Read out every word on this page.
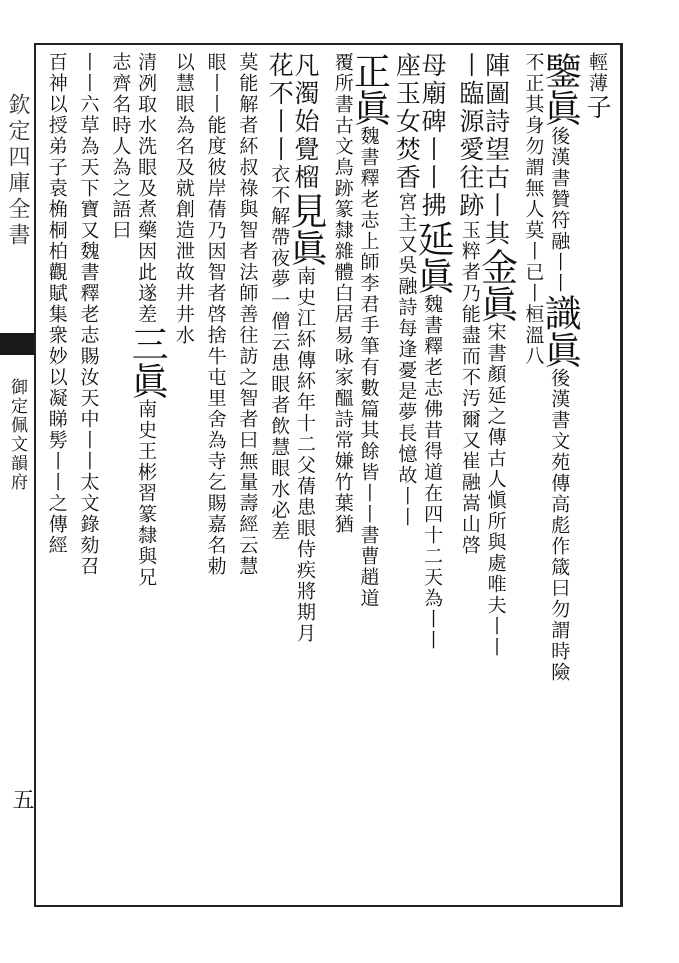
欽定四庫全書
御定佩文韻府
五
輕薄子
鑒眞後漢書贊符融丨丨識眞後漢書文苑傳高彪作箴曰勿謂時險
不正其身勿謂無人莫丨已丨桓溫八
陣圖詩望古丨其金眞宋書顏延之傳古人愼所與處唯夫丨丨
丨臨源愛往跡玉粹者乃能盡而不汚爾又崔融嵩山啓
母廟碑丨丨拂延眞魏書釋老志佛昔得道在四十二天為丨丨
座玉女焚香宮主又吳融詩每逢憂是夢長憶故丨丨
正眞魏書釋老志上師李君手筆有數篇其餘皆丨丨書曹趙道
覆所書古文鳥跡篆隸雜體白居易咏家醞詩常嫌竹葉猶
凡濁始覺榴見眞南史江紑傳紑年十二父蒨患眼侍疾將期月
花不丨丨衣不解帶夜夢一僧云患眼者飲慧眼水必差
莫能解者紑叔祿與智者法師善往訪之智者曰無量壽經云慧
眼丨丨能度彼岸蒨乃因智者啓捨牛屯里舍為寺乞賜嘉名勅
以慧眼為名及就創造泄故井井水
清冽取水洗眼及煮藥因此遂差三眞南史王彬習篆隸與兄
志齊名時人為之語曰
丨丨六草為天下寶又魏書釋老志賜汝天中丨丨太文錄劾召
百神以授弟子袁桷桐柏觀賦集衆妙以凝睇髣丨丨之傳經
